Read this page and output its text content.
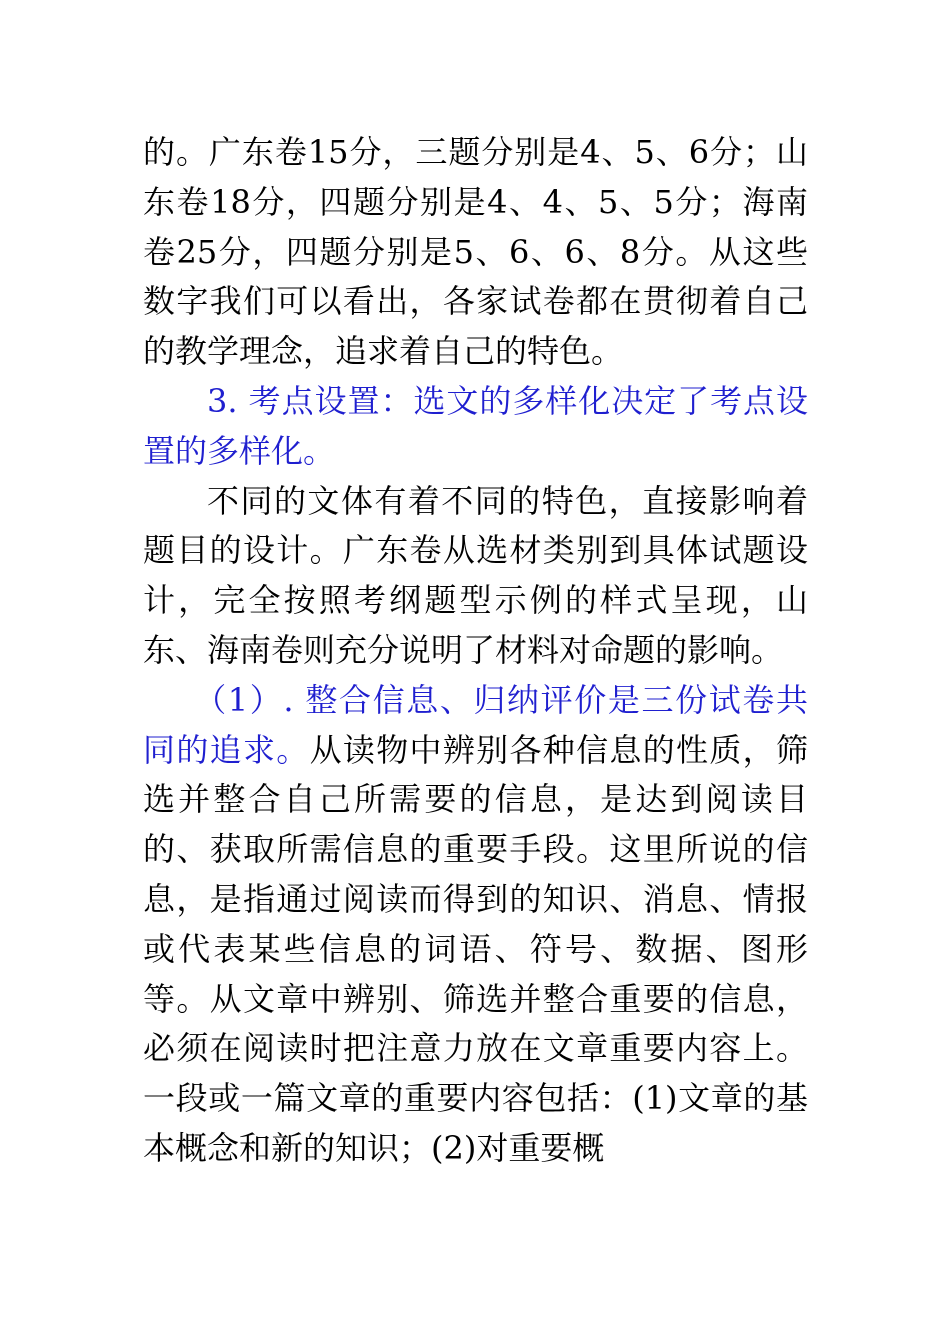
的。广东卷15分，三题分别是4、5、6分；山东卷18分，四题分别是4、4、5、5分；海南卷25分，四题分别是5、6、6、8分。从这些数字我们可以看出，各家试卷都在贯彻着自己的教学理念，追求着自己的特色。

3. 考点设置：选文的多样化决定了考点设置的多样化。

不同的文体有着不同的特色，直接影响着题目的设计。广东卷从选材类别到具体试题设计，完全按照考纲题型示例的样式呈现，山东、海南卷则充分说明了材料对命题的影响。

（1）. 整合信息、归纳评价是三份试卷共同的追求。从读物中辨别各种信息的性质，筛选并整合自己所需要的信息，是达到阅读目的、获取所需信息的重要手段。这里所说的信息，是指通过阅读而得到的知识、消息、情报或代表某些信息的词语、符号、数据、图形等。从文章中辨别、筛选并整合重要的信息，必须在阅读时把注意力放在文章重要内容上。一段或一篇文章的重要内容包括：(1)文章的基本概念和新的知识；(2)对重要概
